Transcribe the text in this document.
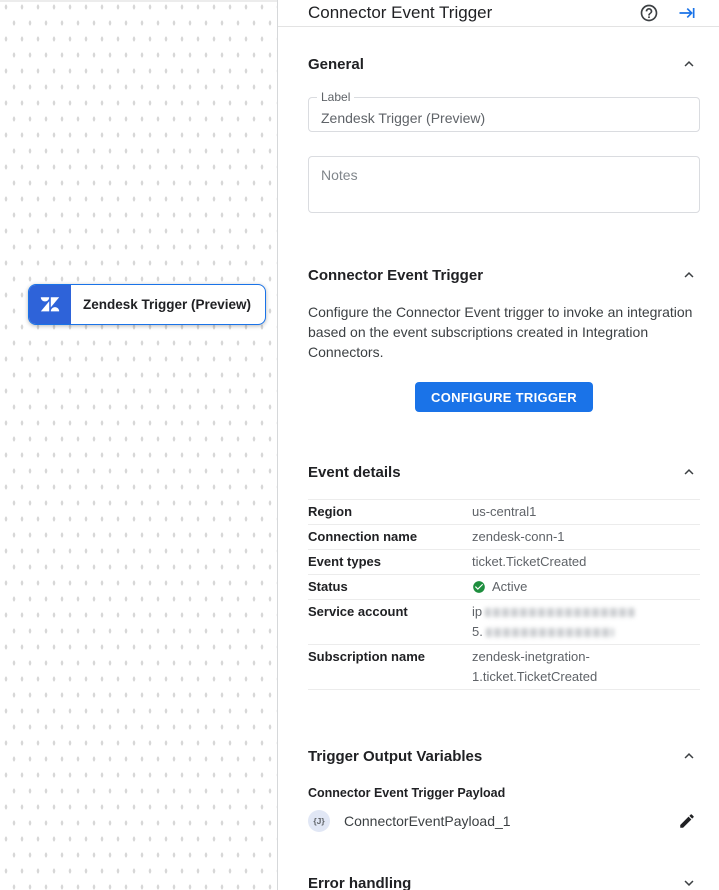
Zendesk Trigger (Preview)
Connector Event Trigger
General
Label
Zendesk Trigger (Preview)
Notes
Connector Event Trigger

Configure the Connector Event trigger to invoke an integration based on the event subscriptions created in Integration Connectors.

CONFIGURE TRIGGER
Event details
Region	us-central1
Connection name	zendesk-conn-1
Event types	ticket.TicketCreated
Status	Active
Service account	ip
5.
Subscription name	zendesk-inetgration-
1.ticket.TicketCreated
Trigger Output Variables
Connector Event Trigger Payload
{J}	ConnectorEventPayload_1
Error handling
